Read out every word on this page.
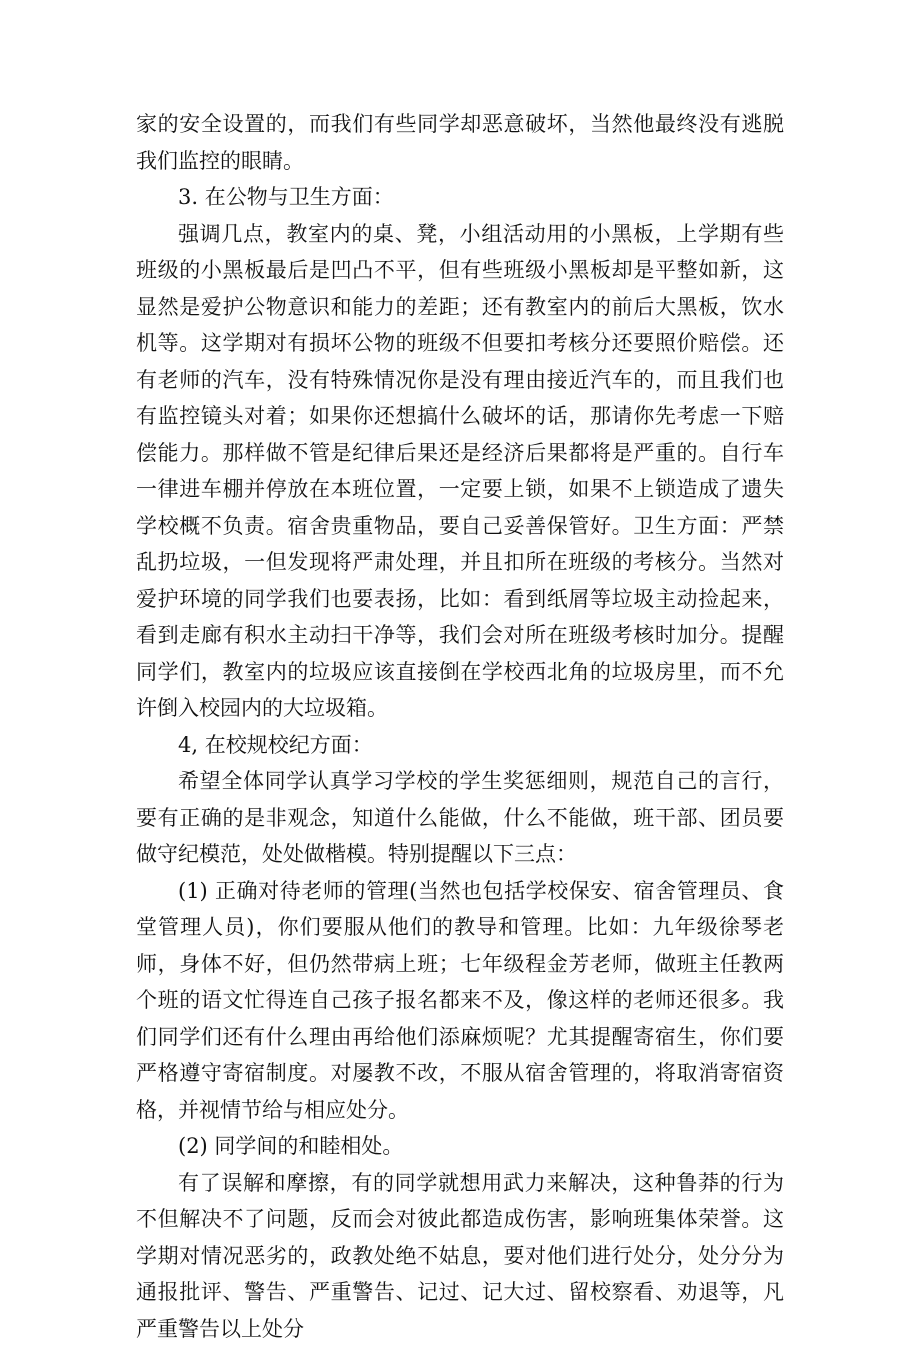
家的安全设置的，而我们有些同学却恶意破坏，当然他最终没有逃脱我们监控的眼睛。

3. 在公物与卫生方面：

强调几点，教室内的桌、凳，小组活动用的小黑板，上学期有些班级的小黑板最后是凹凸不平，但有些班级小黑板却是平整如新，这显然是爱护公物意识和能力的差距；还有教室内的前后大黑板，饮水机等。这学期对有损坏公物的班级不但要扣考核分还要照价赔偿。还有老师的汽车，没有特殊情况你是没有理由接近汽车的，而且我们也有监控镜头对着；如果你还想搞什么破坏的话，那请你先考虑一下赔偿能力。那样做不管是纪律后果还是经济后果都将是严重的。自行车一律进车棚并停放在本班位置，一定要上锁，如果不上锁造成了遗失学校概不负责。宿舍贵重物品，要自己妥善保管好。卫生方面：严禁乱扔垃圾，一但发现将严肃处理，并且扣所在班级的考核分。当然对爱护环境的同学我们也要表扬，比如：看到纸屑等垃圾主动捡起来，看到走廊有积水主动扫干净等，我们会对所在班级考核时加分。提醒同学们，教室内的垃圾应该直接倒在学校西北角的垃圾房里，而不允许倒入校园内的大垃圾箱。

4, 在校规校纪方面：

希望全体同学认真学习学校的学生奖惩细则，规范自己的言行，要有正确的是非观念，知道什么能做，什么不能做，班干部、团员要做守纪模范，处处做楷模。特别提醒以下三点：

(1) 正确对待老师的管理(当然也包括学校保安、宿舍管理员、食堂管理人员)，你们要服从他们的教导和管理。比如：九年级徐琴老师，身体不好，但仍然带病上班；七年级程金芳老师，做班主任教两个班的语文忙得连自己孩子报名都来不及，像这样的老师还很多。我们同学们还有什么理由再给他们添麻烦呢？尤其提醒寄宿生，你们要严格遵守寄宿制度。对屡教不改，不服从宿舍管理的，将取消寄宿资格，并视情节给与相应处分。

(2) 同学间的和睦相处。

有了误解和摩擦，有的同学就想用武力来解决，这种鲁莽的行为不但解决不了问题，反而会对彼此都造成伤害，影响班集体荣誉。这学期对情况恶劣的，政教处绝不姑息，要对他们进行处分，处分分为通报批评、警告、严重警告、记过、记大过、留校察看、劝退等，凡严重警告以上处分
